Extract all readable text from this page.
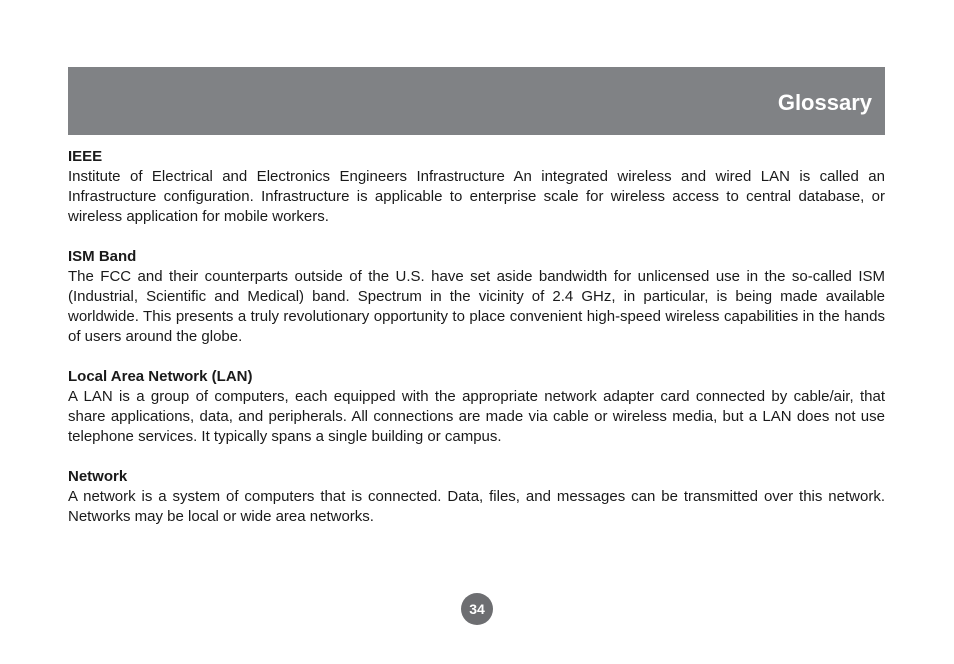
Glossary

IEEE

Institute of Electrical and Electronics Engineers Infrastructure An integrated wireless and wired LAN is called an Infrastructure configuration. Infrastructure is applicable to enterprise scale for wireless access to central database, or wireless application for mobile workers.

ISM Band

The FCC and their counterparts outside of the U.S. have set aside bandwidth for unlicensed use in the so-called ISM (Industrial, Scientific and Medical) band. Spectrum in the vicinity of 2.4 GHz, in particular, is being made available worldwide. This presents a truly revolutionary opportunity to place convenient high-speed wireless capabilities in the hands of users around the globe.

Local Area Network (LAN)

A LAN is a group of computers, each equipped with the appropriate network adapter card connected by cable/air, that share applications, data, and peripherals. All connections are made via cable or wireless media, but a LAN does not use telephone services. It typically spans a single building or campus.

Network

A network is a system of computers that is connected. Data, files, and messages can be transmitted over this network. Networks may be local or wide area networks.

34
